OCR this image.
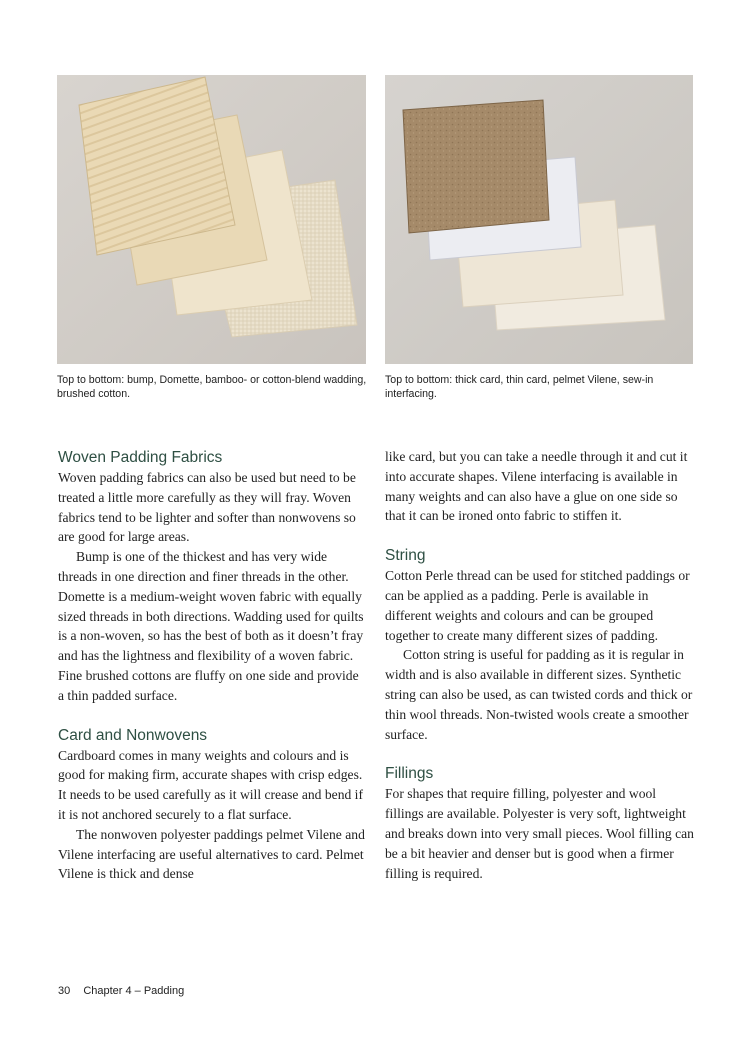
Top to bottom: bump, Domette, bamboo- or cotton-blend wadding, brushed cotton.
Top to bottom: thick card, thin card, pelmet Vilene, sew-in interfacing.
Woven Padding Fabrics

Woven padding fabrics can also be used but need to be treated a little more carefully as they will fray. Woven fabrics tend to be lighter and softer than nonwovens so are good for large areas.

Bump is one of the thickest and has very wide threads in one direction and finer threads in the other. Domette is a medium-weight woven fabric with equally sized threads in both directions. Wadding used for quilts is a non-woven, so has the best of both as it doesn’t fray and has the lightness and flexibility of a woven fabric. Fine brushed cottons are fluffy on one side and provide a thin padded surface.

Card and Nonwovens

Cardboard comes in many weights and colours and is good for making firm, accurate shapes with crisp edges. It needs to be used carefully as it will crease and bend if it is not anchored securely to a flat surface.

The nonwoven polyester paddings pelmet Vilene and Vilene interfacing are useful alternatives to card. Pelmet Vilene is thick and dense

like card, but you can take a needle through it and cut it into accurate shapes. Vilene interfacing is available in many weights and can also have a glue on one side so that it can be ironed onto fabric to stiffen it.

String

Cotton Perle thread can be used for stitched paddings or can be applied as a padding. Perle is available in different weights and colours and can be grouped together to create many different sizes of padding.

Cotton string is useful for padding as it is regular in width and is also available in different sizes. Synthetic string can also be used, as can twisted cords and thick or thin wool threads. Non-twisted wools create a smoother surface.

Fillings

For shapes that require filling, polyester and wool fillings are available. Polyester is very soft, lightweight and breaks down into very small pieces. Wool filling can be a bit heavier and denser but is good when a firmer filling is required.

30 Chapter 4 – Padding
